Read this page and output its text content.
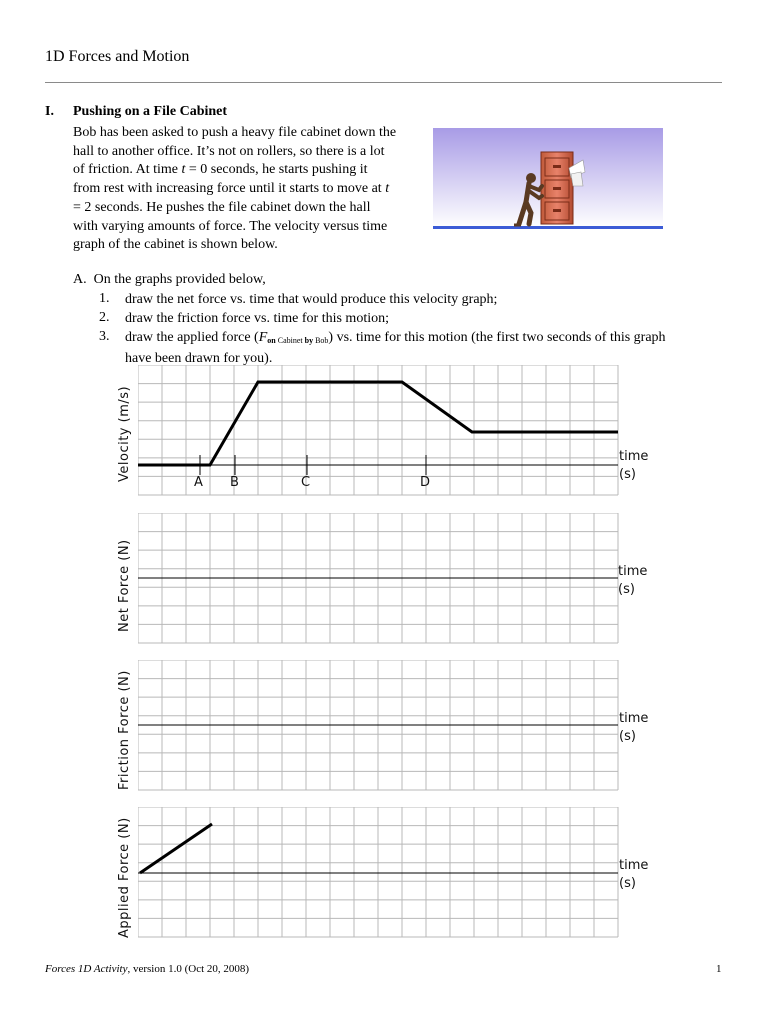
1D Forces and Motion
I. Pushing on a File Cabinet
Bob has been asked to push a heavy file cabinet down the
hall to another office. It’s not on rollers, so there is a lot
of friction. At time t = 0 seconds, he starts pushing it
from rest with increasing force until it starts to move at t
= 2 seconds. He pushes the file cabinet down the hall
with varying amounts of force. The velocity versus time
graph of the cabinet is shown below.
A. On the graphs provided below,
1. draw the net force vs. time that would produce this velocity graph;
2. draw the friction force vs. time for this motion;
3. draw the applied force ($F_{on}$ $_{Cabinet}$ $_{by}$ $_{Bob}$) vs. time for this motion (the first two seconds of this graph
have been drawn for you).
A B	C	D
Velocity (m/s)	time
(s)
Net Force (N)	time
(s)
Friction Force (N)	time
(s)
Applied Force (N)	time
(s)
Forces 1D Activity, version 1.0 (Oct 20, 2008)	1
